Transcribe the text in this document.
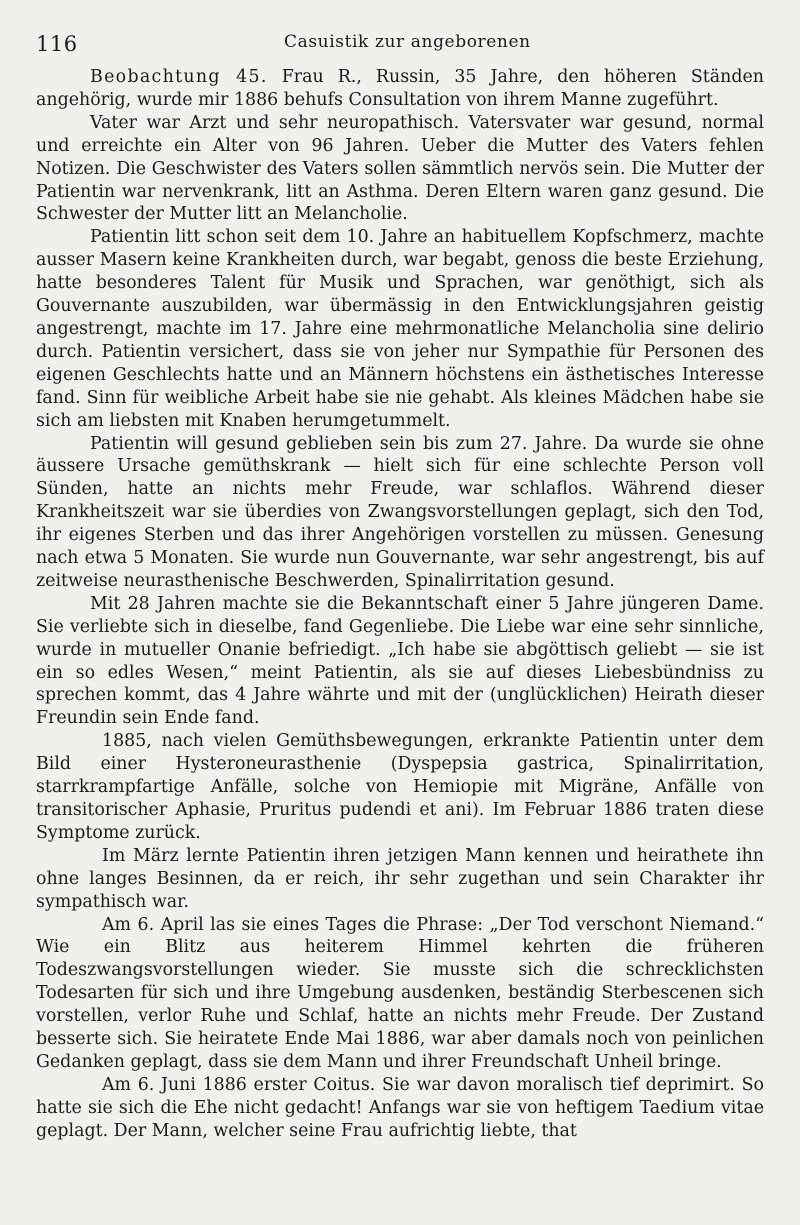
116	Casuistik zur angeborenen

Beobachtung 45. Frau R., Russin, 35 Jahre, den höheren Ständen angehörig, wurde mir 1886 behufs Consultation von ihrem Manne zugeführt.

Vater war Arzt und sehr neuropathisch. Vatersvater war gesund, normal und erreichte ein Alter von 96 Jahren. Ueber die Mutter des Vaters fehlen Notizen. Die Geschwister des Vaters sollen sämmtlich nervös sein. Die Mutter der Patientin war nervenkrank, litt an Asthma. Deren Eltern waren ganz gesund. Die Schwester der Mutter litt an Melancholie.

Patientin litt schon seit dem 10. Jahre an habituellem Kopfschmerz, machte ausser Masern keine Krankheiten durch, war begabt, genoss die beste Erziehung, hatte besonderes Talent für Musik und Sprachen, war genöthigt, sich als Gouvernante auszubilden, war übermässig in den Entwicklungsjahren geistig angestrengt, machte im 17. Jahre eine mehrmonatliche Melancholia sine delirio durch. Patientin versichert, dass sie von jeher nur Sympathie für Personen des eigenen Geschlechts hatte und an Männern höchstens ein ästhetisches Interesse fand. Sinn für weibliche Arbeit habe sie nie gehabt. Als kleines Mädchen habe sie sich am liebsten mit Knaben herumgetummelt.

Patientin will gesund geblieben sein bis zum 27. Jahre. Da wurde sie ohne äussere Ursache gemüthskrank — hielt sich für eine schlechte Person voll Sünden, hatte an nichts mehr Freude, war schlaflos. Während dieser Krankheitszeit war sie überdies von Zwangsvorstellungen geplagt, sich den Tod, ihr eigenes Sterben und das ihrer Angehörigen vorstellen zu müssen. Genesung nach etwa 5 Monaten. Sie wurde nun Gouvernante, war sehr angestrengt, bis auf zeitweise neurasthenische Beschwerden, Spinalirritation gesund.

Mit 28 Jahren machte sie die Bekanntschaft einer 5 Jahre jüngeren Dame. Sie verliebte sich in dieselbe, fand Gegenliebe. Die Liebe war eine sehr sinnliche, wurde in mutueller Onanie befriedigt. „Ich habe sie abgöttisch geliebt — sie ist ein so edles Wesen,“ meint Patientin, als sie auf dieses Liebesbündniss zu sprechen kommt, das 4 Jahre währte und mit der (unglücklichen) Heirath dieser Freundin sein Ende fand.

1885, nach vielen Gemüthsbewegungen, erkrankte Patientin unter dem Bild einer Hysteroneurasthenie (Dyspepsia gastrica, Spinalirritation, starrkrampfartige Anfälle, solche von Hemiopie mit Migräne, Anfälle von transitorischer Aphasie, Pruritus pudendi et ani). Im Februar 1886 traten diese Symptome zurück.

Im März lernte Patientin ihren jetzigen Mann kennen und heirathete ihn ohne langes Besinnen, da er reich, ihr sehr zugethan und sein Charakter ihr sympathisch war.

Am 6. April las sie eines Tages die Phrase: „Der Tod verschont Niemand.“ Wie ein Blitz aus heiterem Himmel kehrten die früheren Todeszwangsvorstellungen wieder. Sie musste sich die schrecklichsten Todesarten für sich und ihre Umgebung ausdenken, beständig Sterbescenen sich vorstellen, verlor Ruhe und Schlaf, hatte an nichts mehr Freude. Der Zustand besserte sich. Sie heiratete Ende Mai 1886, war aber damals noch von peinlichen Gedanken geplagt, dass sie dem Mann und ihrer Freundschaft Unheil bringe.

Am 6. Juni 1886 erster Coitus. Sie war davon moralisch tief deprimirt. So hatte sie sich die Ehe nicht gedacht! Anfangs war sie von heftigem Taedium vitae geplagt. Der Mann, welcher seine Frau aufrichtig liebte, that
